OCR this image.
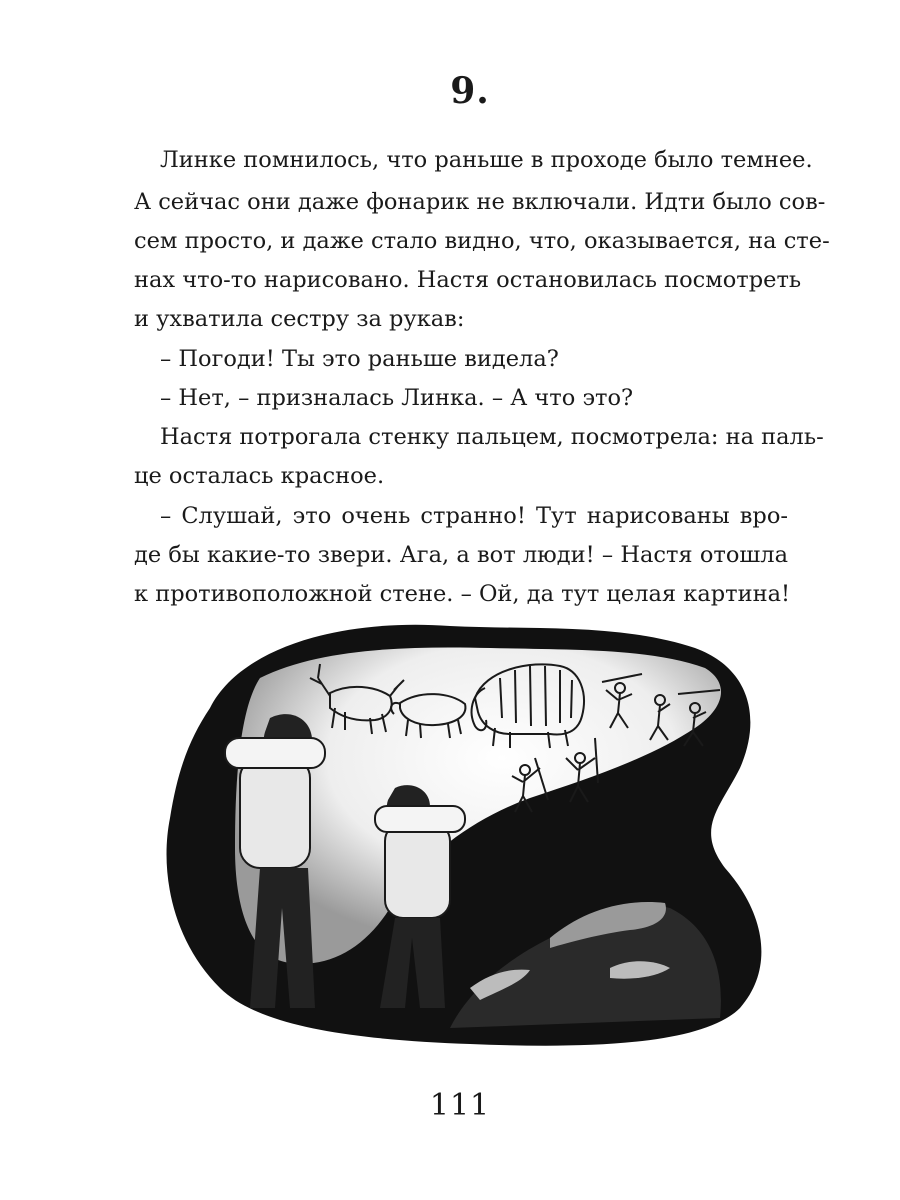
9.
Линке помнилось, что раньше в проходе было темнее.
А сейчас они даже фонарик не включали. Идти было сов-
сем просто, и даже стало видно, что, оказывается, на сте-
нах что-то нарисовано. Настя остановилась посмотреть
и ухватила сестру за рукав:
– Погоди! Ты это раньше видела?
– Нет, – призналась Линка. – А что это?
Настя потрогала стенку пальцем, посмотрела: на паль-
це осталась красное.
– Слушай, это очень странно! Тут нарисованы вро-
де бы какие-то звери. Ага, а вот люди! – Настя отошла
к противоположной стене. – Ой, да тут целая картина!
111
